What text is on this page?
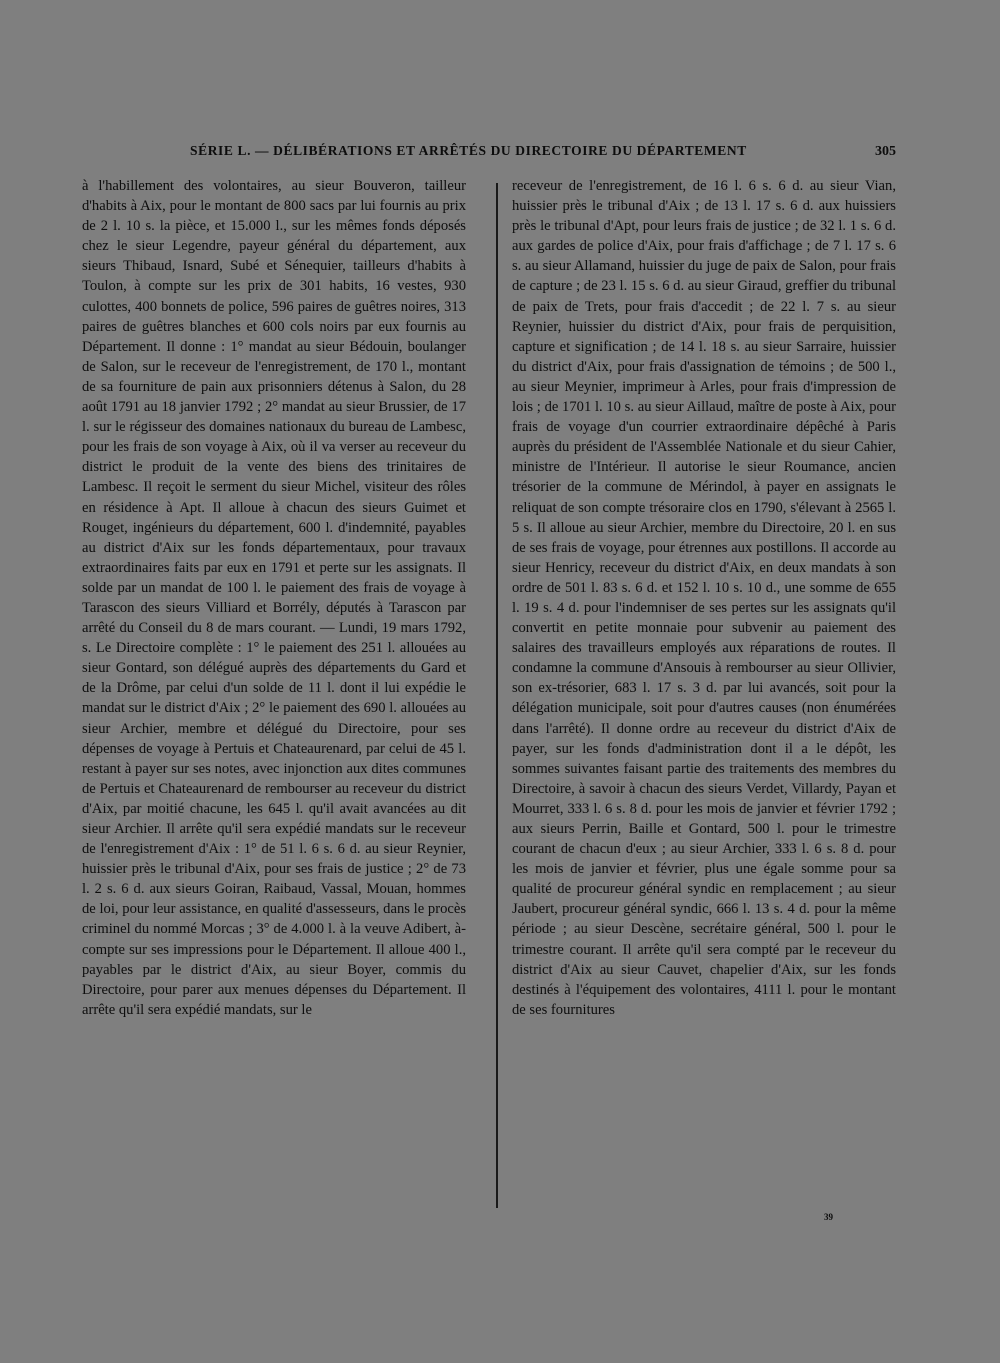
SÉRIE L. — DÉLIBÉRATIONS ET ARRÊTÉS DU DIRECTOIRE DU DÉPARTEMENT	305

à l'habillement des volontaires, au sieur Bouveron, tailleur d'habits à Aix, pour le montant de 800 sacs par lui fournis au prix de 2 l. 10 s. la pièce, et 15.000 l., sur les mêmes fonds déposés chez le sieur Legendre, payeur général du département, aux sieurs Thibaud, Isnard, Subé et Sénequier, tailleurs d'habits à Toulon, à compte sur les prix de 301 habits, 16 vestes, 930 culottes, 400 bonnets de police, 596 paires de guêtres noires, 313 paires de guêtres blanches et 600 cols noirs par eux fournis au Département. Il donne : 1° mandat au sieur Bédouin, boulanger de Salon, sur le receveur de l'enregistrement, de 170 l., montant de sa fourniture de pain aux prisonniers détenus à Salon, du 28 août 1791 au 18 janvier 1792 ; 2° mandat au sieur Brussier, de 17 l. sur le régisseur des domaines nationaux du bureau de Lambesc, pour les frais de son voyage à Aix, où il va verser au receveur du district le produit de la vente des biens des trinitaires de Lambesc. Il reçoit le serment du sieur Michel, visiteur des rôles en résidence à Apt. Il alloue à chacun des sieurs Guimet et Rouget, ingénieurs du département, 600 l. d'indemnité, payables au district d'Aix sur les fonds départementaux, pour travaux extraordinaires faits par eux en 1791 et perte sur les assignats. Il solde par un mandat de 100 l. le paiement des frais de voyage à Tarascon des sieurs Villiard et Borrély, députés à Tarascon par arrêté du Conseil du 8 de mars courant. — Lundi, 19 mars 1792, s. Le Directoire complète : 1° le paiement des 251 l. allouées au sieur Gontard, son délégué auprès des départements du Gard et de la Drôme, par celui d'un solde de 11 l. dont il lui expédie le mandat sur le district d'Aix ; 2° le paiement des 690 l. allouées au sieur Archier, membre et délégué du Directoire, pour ses dépenses de voyage à Pertuis et Chateaurenard, par celui de 45 l. restant à payer sur ses notes, avec injonction aux dites communes de Pertuis et Chateaurenard de rembourser au receveur du district d'Aix, par moitié chacune, les 645 l. qu'il avait avancées au dit sieur Archier. Il arrête qu'il sera expédié mandats sur le receveur de l'enregistrement d'Aix : 1° de 51 l. 6 s. 6 d. au sieur Reynier, huissier près le tribunal d'Aix, pour ses frais de justice ; 2° de 73 l. 2 s. 6 d. aux sieurs Goiran, Raibaud, Vassal, Mouan, hommes de loi, pour leur assistance, en qualité d'assesseurs, dans le procès criminel du nommé Morcas ; 3° de 4.000 l. à la veuve Adibert, à-compte sur ses impressions pour le Département. Il alloue 400 l., payables par le district d'Aix, au sieur Boyer, commis du Directoire, pour parer aux menues dépenses du Département. Il arrête qu'il sera expédié mandats, sur le

receveur de l'enregistrement, de 16 l. 6 s. 6 d. au sieur Vian, huissier près le tribunal d'Aix ; de 13 l. 17 s. 6 d. aux huissiers près le tribunal d'Apt, pour leurs frais de justice ; de 32 l. 1 s. 6 d. aux gardes de police d'Aix, pour frais d'affichage ; de 7 l. 17 s. 6 s. au sieur Allamand, huissier du juge de paix de Salon, pour frais de capture ; de 23 l. 15 s. 6 d. au sieur Giraud, greffier du tribunal de paix de Trets, pour frais d'accedit ; de 22 l. 7 s. au sieur Reynier, huissier du district d'Aix, pour frais de perquisition, capture et signification ; de 14 l. 18 s. au sieur Sarraire, huissier du district d'Aix, pour frais d'assignation de témoins ; de 500 l., au sieur Meynier, imprimeur à Arles, pour frais d'impression de lois ; de 1701 l. 10 s. au sieur Aillaud, maître de poste à Aix, pour frais de voyage d'un courrier extraordinaire dépêché à Paris auprès du président de l'Assemblée Nationale et du sieur Cahier, ministre de l'Intérieur. Il autorise le sieur Roumance, ancien trésorier de la commune de Mérindol, à payer en assignats le reliquat de son compte trésoraire clos en 1790, s'élevant à 2565 l. 5 s. Il alloue au sieur Archier, membre du Directoire, 20 l. en sus de ses frais de voyage, pour étrennes aux postillons. Il accorde au sieur Henricy, receveur du district d'Aix, en deux mandats à son ordre de 501 l. 83 s. 6 d. et 152 l. 10 s. 10 d., une somme de 655 l. 19 s. 4 d. pour l'indemniser de ses pertes sur les assignats qu'il convertit en petite monnaie pour subvenir au paiement des salaires des travailleurs employés aux réparations de routes. Il condamne la commune d'Ansouis à rembourser au sieur Ollivier, son ex-trésorier, 683 l. 17 s. 3 d. par lui avancés, soit pour la délégation municipale, soit pour d'autres causes (non énumérées dans l'arrêté). Il donne ordre au receveur du district d'Aix de payer, sur les fonds d'administration dont il a le dépôt, les sommes suivantes faisant partie des traitements des membres du Directoire, à savoir à chacun des sieurs Verdet, Villardy, Payan et Mourret, 333 l. 6 s. 8 d. pour les mois de janvier et février 1792 ; aux sieurs Perrin, Baille et Gontard, 500 l. pour le trimestre courant de chacun d'eux ; au sieur Archier, 333 l. 6 s. 8 d. pour les mois de janvier et février, plus une égale somme pour sa qualité de procureur général syndic en remplacement ; au sieur Jaubert, procureur général syndic, 666 l. 13 s. 4 d. pour la même période ; au sieur Descène, secrétaire général, 500 l. pour le trimestre courant. Il arrête qu'il sera compté par le receveur du district d'Aix au sieur Cauvet, chapelier d'Aix, sur les fonds destinés à l'équipement des volontaires, 4111 l. pour le montant de ses fournitures

39
